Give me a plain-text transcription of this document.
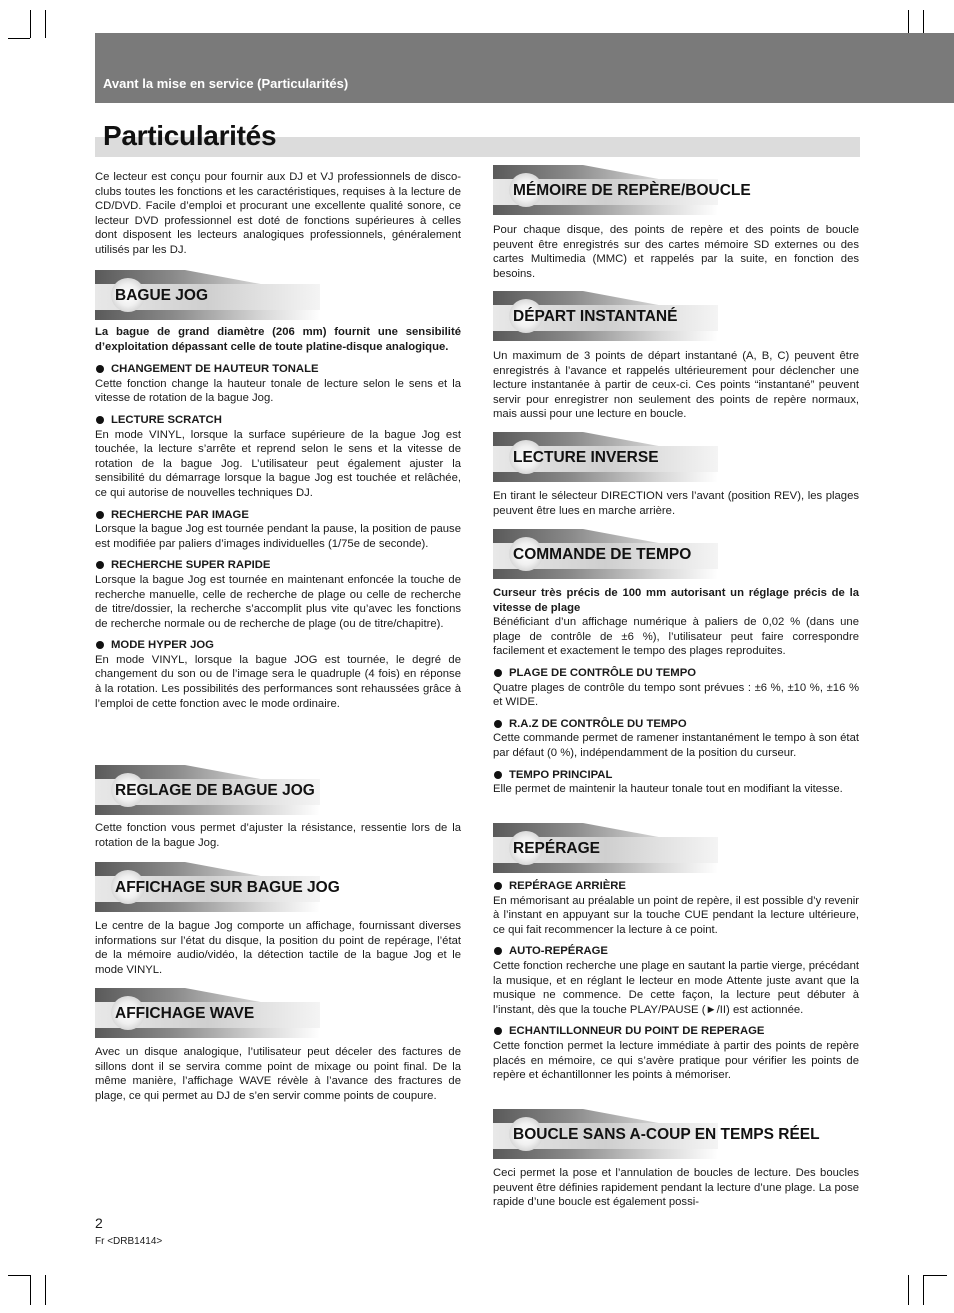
Avant la mise en service (Particularités)
Particularités

Ce lecteur est conçu pour fournir aux DJ et VJ professionnels de disco-clubs toutes les fonctions et les caractéristiques, requises à la lecture de CD/DVD. Facile d’emploi et procurant une excellente qualité sonore, ce lecteur DVD professionnel est doté de fonctions supérieures à celles dont disposent les lecteurs analogiques professionnels, généralement utilisés par les DJ.

BAGUE JOG

La bague de grand diamètre (206 mm) fournit une sensibilité d’exploitation dépassant celle de toute platine-disque analogique.

CHANGEMENT DE HAUTEUR TONALE

Cette fonction change la hauteur tonale de lecture selon le sens et la vitesse de rotation de la bague Jog.

LECTURE SCRATCH

En mode VINYL, lorsque la surface supérieure de la bague Jog est touchée, la lecture s’arrête et reprend selon le sens et la vitesse de rotation de la bague Jog. L’utilisateur peut également ajuster la sensibilité du démarrage lorsque la bague Jog est touchée et relâchée, ce qui autorise de nouvelles techniques DJ.

RECHERCHE PAR IMAGE

Lorsque la bague Jog est tournée pendant la pause, la position de pause est modifiée par paliers d’images individuelles (1/75e de seconde).

RECHERCHE SUPER RAPIDE

Lorsque la bague Jog est tournée en maintenant enfoncée la touche de recherche manuelle, celle de recherche de plage ou celle de recherche de titre/dossier, la recherche s’accomplit plus vite qu’avec les fonctions de recherche normale ou de recherche de plage (ou de titre/chapitre).

MODE HYPER JOG

En mode VINYL, lorsque la bague JOG est tournée, le degré de changement du son ou de l’image sera le quadruple (4 fois) en réponse à la rotation. Les possibilités des performances sont rehaussées grâce à l’emploi de cette fonction avec le mode ordinaire.

REGLAGE DE BAGUE JOG

Cette fonction vous permet d’ajuster la résistance, ressentie lors de la rotation de la bague Jog.

AFFICHAGE SUR BAGUE JOG

Le centre de la bague Jog comporte un affichage, fournissant diverses informations sur l’état du disque, la position du point de repérage, l’état de la mémoire audio/vidéo, la détection tactile de la bague Jog et le mode VINYL.

AFFICHAGE WAVE

Avec un disque analogique, l’utilisateur peut déceler des factures de sillons dont il se servira comme point de mixage ou point final. De la même manière, l’affichage WAVE révèle à l’avance des fractures de plage, ce qui permet au DJ de s’en servir comme points de coupure.

MÉMOIRE DE REPÈRE/BOUCLE

Pour chaque disque, des points de repère et des points de boucle peuvent être enregistrés sur des cartes mémoire SD externes ou des cartes Multimedia (MMC) et rappelés par la suite, en fonction des besoins.

DÉPART INSTANTANÉ

Un maximum de 3 points de départ instantané (A, B, C) peuvent être enregistrés à l’avance et rappelés ultérieurement pour déclencher une lecture instantanée à partir de ceux-ci. Ces points “instantané” peuvent servir pour enregistrer non seulement des points de repère normaux, mais aussi pour une lecture en boucle.

LECTURE INVERSE

En tirant le sélecteur DIRECTION vers l’avant (position REV), les plages peuvent être lues en marche arrière.

COMMANDE DE TEMPO

Curseur très précis de 100 mm autorisant un réglage précis de la vitesse de plage

Bénéficiant d’un affichage numérique à paliers de 0,02 % (dans une plage de contrôle de ±6 %), l’utilisateur peut faire correspondre facilement et exactement le tempo des plages reproduites.

PLAGE DE CONTRÔLE DU TEMPO

Quatre plages de contrôle du tempo sont prévues : ±6 %, ±10 %, ±16 % et WIDE.

R.A.Z DE CONTRÔLE DU TEMPO

Cette commande permet de ramener instantanément le tempo à son état par défaut (0 %), indépendamment de la position du curseur.

TEMPO PRINCIPAL

Elle permet de maintenir la hauteur tonale tout en modifiant la vitesse.

REPÉRAGE
REPÉRAGE ARRIÈRE

En mémorisant au préalable un point de repère, il est possible d’y revenir à l’instant en appuyant sur la touche CUE pendant la lecture ultérieure, ce qui fait recommencer la lecture à ce point.

AUTO-REPÉRAGE

Cette fonction recherche une plage en sautant la partie vierge, précédant la musique, et en réglant le lecteur en mode Attente juste avant que la musique ne commence. De cette façon, la lecture peut débuter à l’instant, dès que la touche PLAY/PAUSE (►/II) est actionnée.

ECHANTILLONNEUR DU POINT DE REPERAGE

Cette fonction permet la lecture immédiate à partir des points de repère placés en mémoire, ce qui s’avère pratique pour vérifier les points de repère et échantillonner les points à mémoriser.

BOUCLE SANS A-COUP EN TEMPS RÉEL

Ceci permet la pose et l’annulation de boucles de lecture. Des boucles peuvent être définies rapidement pendant la lecture d’une plage. La pose rapide d’une boucle est également possi-

2
Fr <DRB1414>
